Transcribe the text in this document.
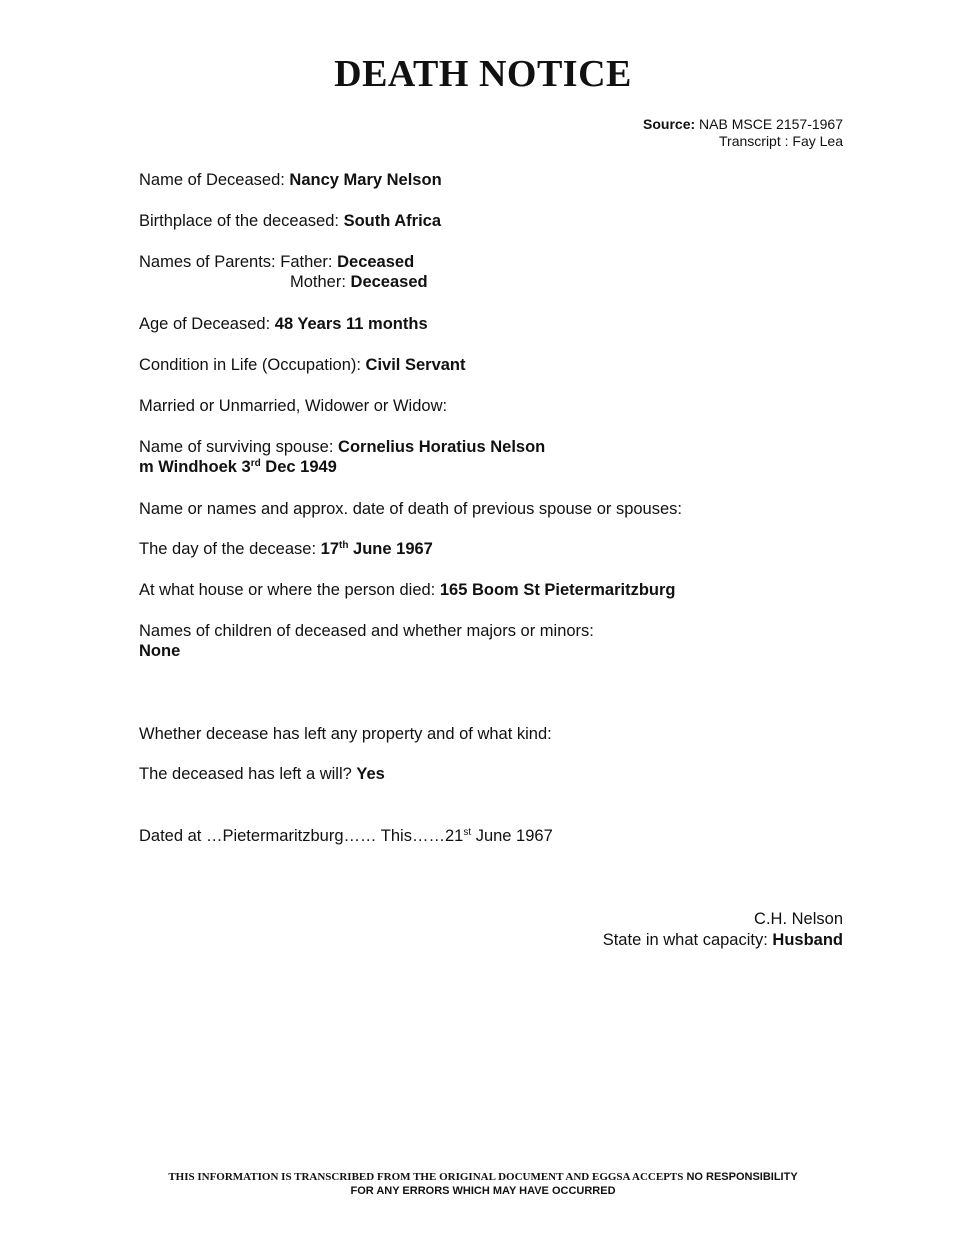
DEATH NOTICE
Source: NAB MSCE 2157-1967
Transcript : Fay Lea
Name of Deceased: Nancy Mary Nelson
Birthplace of the deceased: South Africa
Names of Parents: Father: Deceased
Mother: Deceased
Age of Deceased: 48 Years 11 months
Condition in Life (Occupation): Civil Servant
Married or Unmarried, Widower or Widow:
Name of surviving spouse: Cornelius Horatius Nelson
m Windhoek 3rd Dec 1949
Name or names and approx. date of death of previous spouse or spouses:
The day of the decease: 17th June 1967
At what house or where the person died: 165 Boom St Pietermaritzburg
Names of children of deceased and whether majors or minors:
None
Whether decease has left any property and of what kind:
The deceased has left a will? Yes
Dated at …Pietermaritzburg…… This……21st June 1967
C.H. Nelson
State in what capacity: Husband
THIS INFORMATION IS TRANSCRIBED FROM THE ORIGINAL DOCUMENT AND EGGSA ACCEPTS NO RESPONSIBILITY
FOR ANY ERRORS WHICH MAY HAVE OCCURRED
